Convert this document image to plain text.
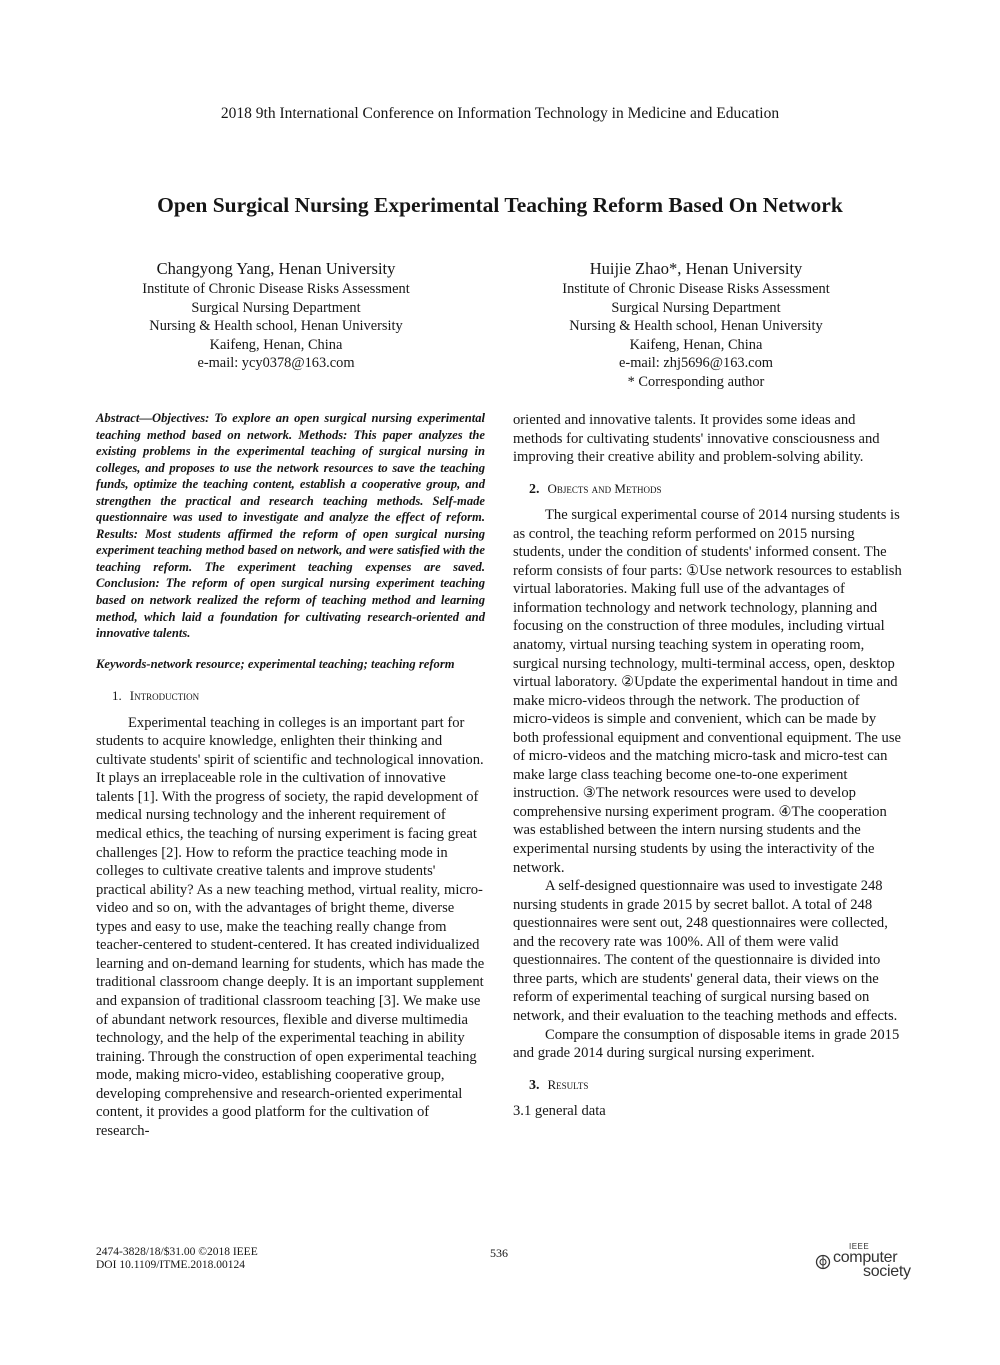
2018 9th International Conference on Information Technology in Medicine and Education
Open Surgical Nursing Experimental Teaching Reform Based On Network
Changyong Yang, Henan University
Institute of Chronic Disease Risks Assessment
Surgical Nursing Department
Nursing & Health school, Henan University
Kaifeng, Henan, China
e-mail: ycy0378@163.com
Huijie Zhao*, Henan University
Institute of Chronic Disease Risks Assessment
Surgical Nursing Department
Nursing & Health school, Henan University
Kaifeng, Henan, China
e-mail: zhj5696@163.com
* Corresponding author

Abstract—Objectives: To explore an open surgical nursing experimental teaching method based on network. Methods: This paper analyzes the existing problems in the experimental teaching of surgical nursing in colleges, and proposes to use the network resources to save the teaching funds, optimize the teaching content, establish a cooperative group, and strengthen the practical and research teaching methods. Self-made questionnaire was used to investigate and analyze the effect of reform. Results: Most students affirmed the reform of open surgical nursing experiment teaching method based on network, and were satisfied with the teaching reform. The experiment teaching expenses are saved. Conclusion: The reform of open surgical nursing experiment teaching based on network realized the reform of teaching method and learning method, which laid a foundation for cultivating research-oriented and innovative talents.

Keywords-network resource; experimental teaching; teaching reform

1. Introduction

Experimental teaching in colleges is an important part for students to acquire knowledge, enlighten their thinking and cultivate students' spirit of scientific and technological innovation. It plays an irreplaceable role in the cultivation of innovative talents [1]. With the progress of society, the rapid development of medical nursing technology and the inherent requirement of medical ethics, the teaching of nursing experiment is facing great challenges [2]. How to reform the practice teaching mode in colleges to cultivate creative talents and improve students' practical ability? As a new teaching method, virtual reality, micro-video and so on, with the advantages of bright theme, diverse types and easy to use, make the teaching really change from teacher-centered to student-centered. It has created individualized learning and on-demand learning for students, which has made the traditional classroom change deeply. It is an important supplement and expansion of traditional classroom teaching [3]. We make use of abundant network resources, flexible and diverse multimedia technology, and the help of the experimental teaching in ability training. Through the construction of open experimental teaching mode, making micro-video, establishing cooperative group, developing comprehensive and research-oriented experimental content, it provides a good platform for the cultivation of research-

oriented and innovative talents. It provides some ideas and methods for cultivating students' innovative consciousness and improving their creative ability and problem-solving ability.

2. Objects and Methods

The surgical experimental course of 2014 nursing students is as control, the teaching reform performed on 2015 nursing students, under the condition of students' informed consent. The reform consists of four parts: ①Use network resources to establish virtual laboratories. Making full use of the advantages of information technology and network technology, planning and focusing on the construction of three modules, including virtual anatomy, virtual nursing teaching system in operating room, surgical nursing technology, multi-terminal access, open, desktop virtual laboratory. ②Update the experimental handout in time and make micro-videos through the network. The production of micro-videos is simple and convenient, which can be made by both professional equipment and conventional equipment. The use of micro-videos and the matching micro-task and micro-test can make large class teaching become one-to-one experiment instruction. ③The network resources were used to develop comprehensive nursing experiment program. ④The cooperation was established between the intern nursing students and the experimental nursing students by using the interactivity of the network.

A self-designed questionnaire was used to investigate 248 nursing students in grade 2015 by secret ballot. A total of 248 questionnaires were sent out, 248 questionnaires were collected, and the recovery rate was 100%. All of them were valid questionnaires. The content of the questionnaire is divided into three parts, which are students' general data, their views on the reform of experimental teaching of surgical nursing based on network, and their evaluation to the teaching methods and effects.

Compare the consumption of disposable items in grade 2015 and grade 2014 during surgical nursing experiment.

3. Results

3.1 general data

2474-3828/18/$31.00 ©2018 IEEE
DOI 10.1109/ITME.2018.00124
536	IEEE
computer
society
